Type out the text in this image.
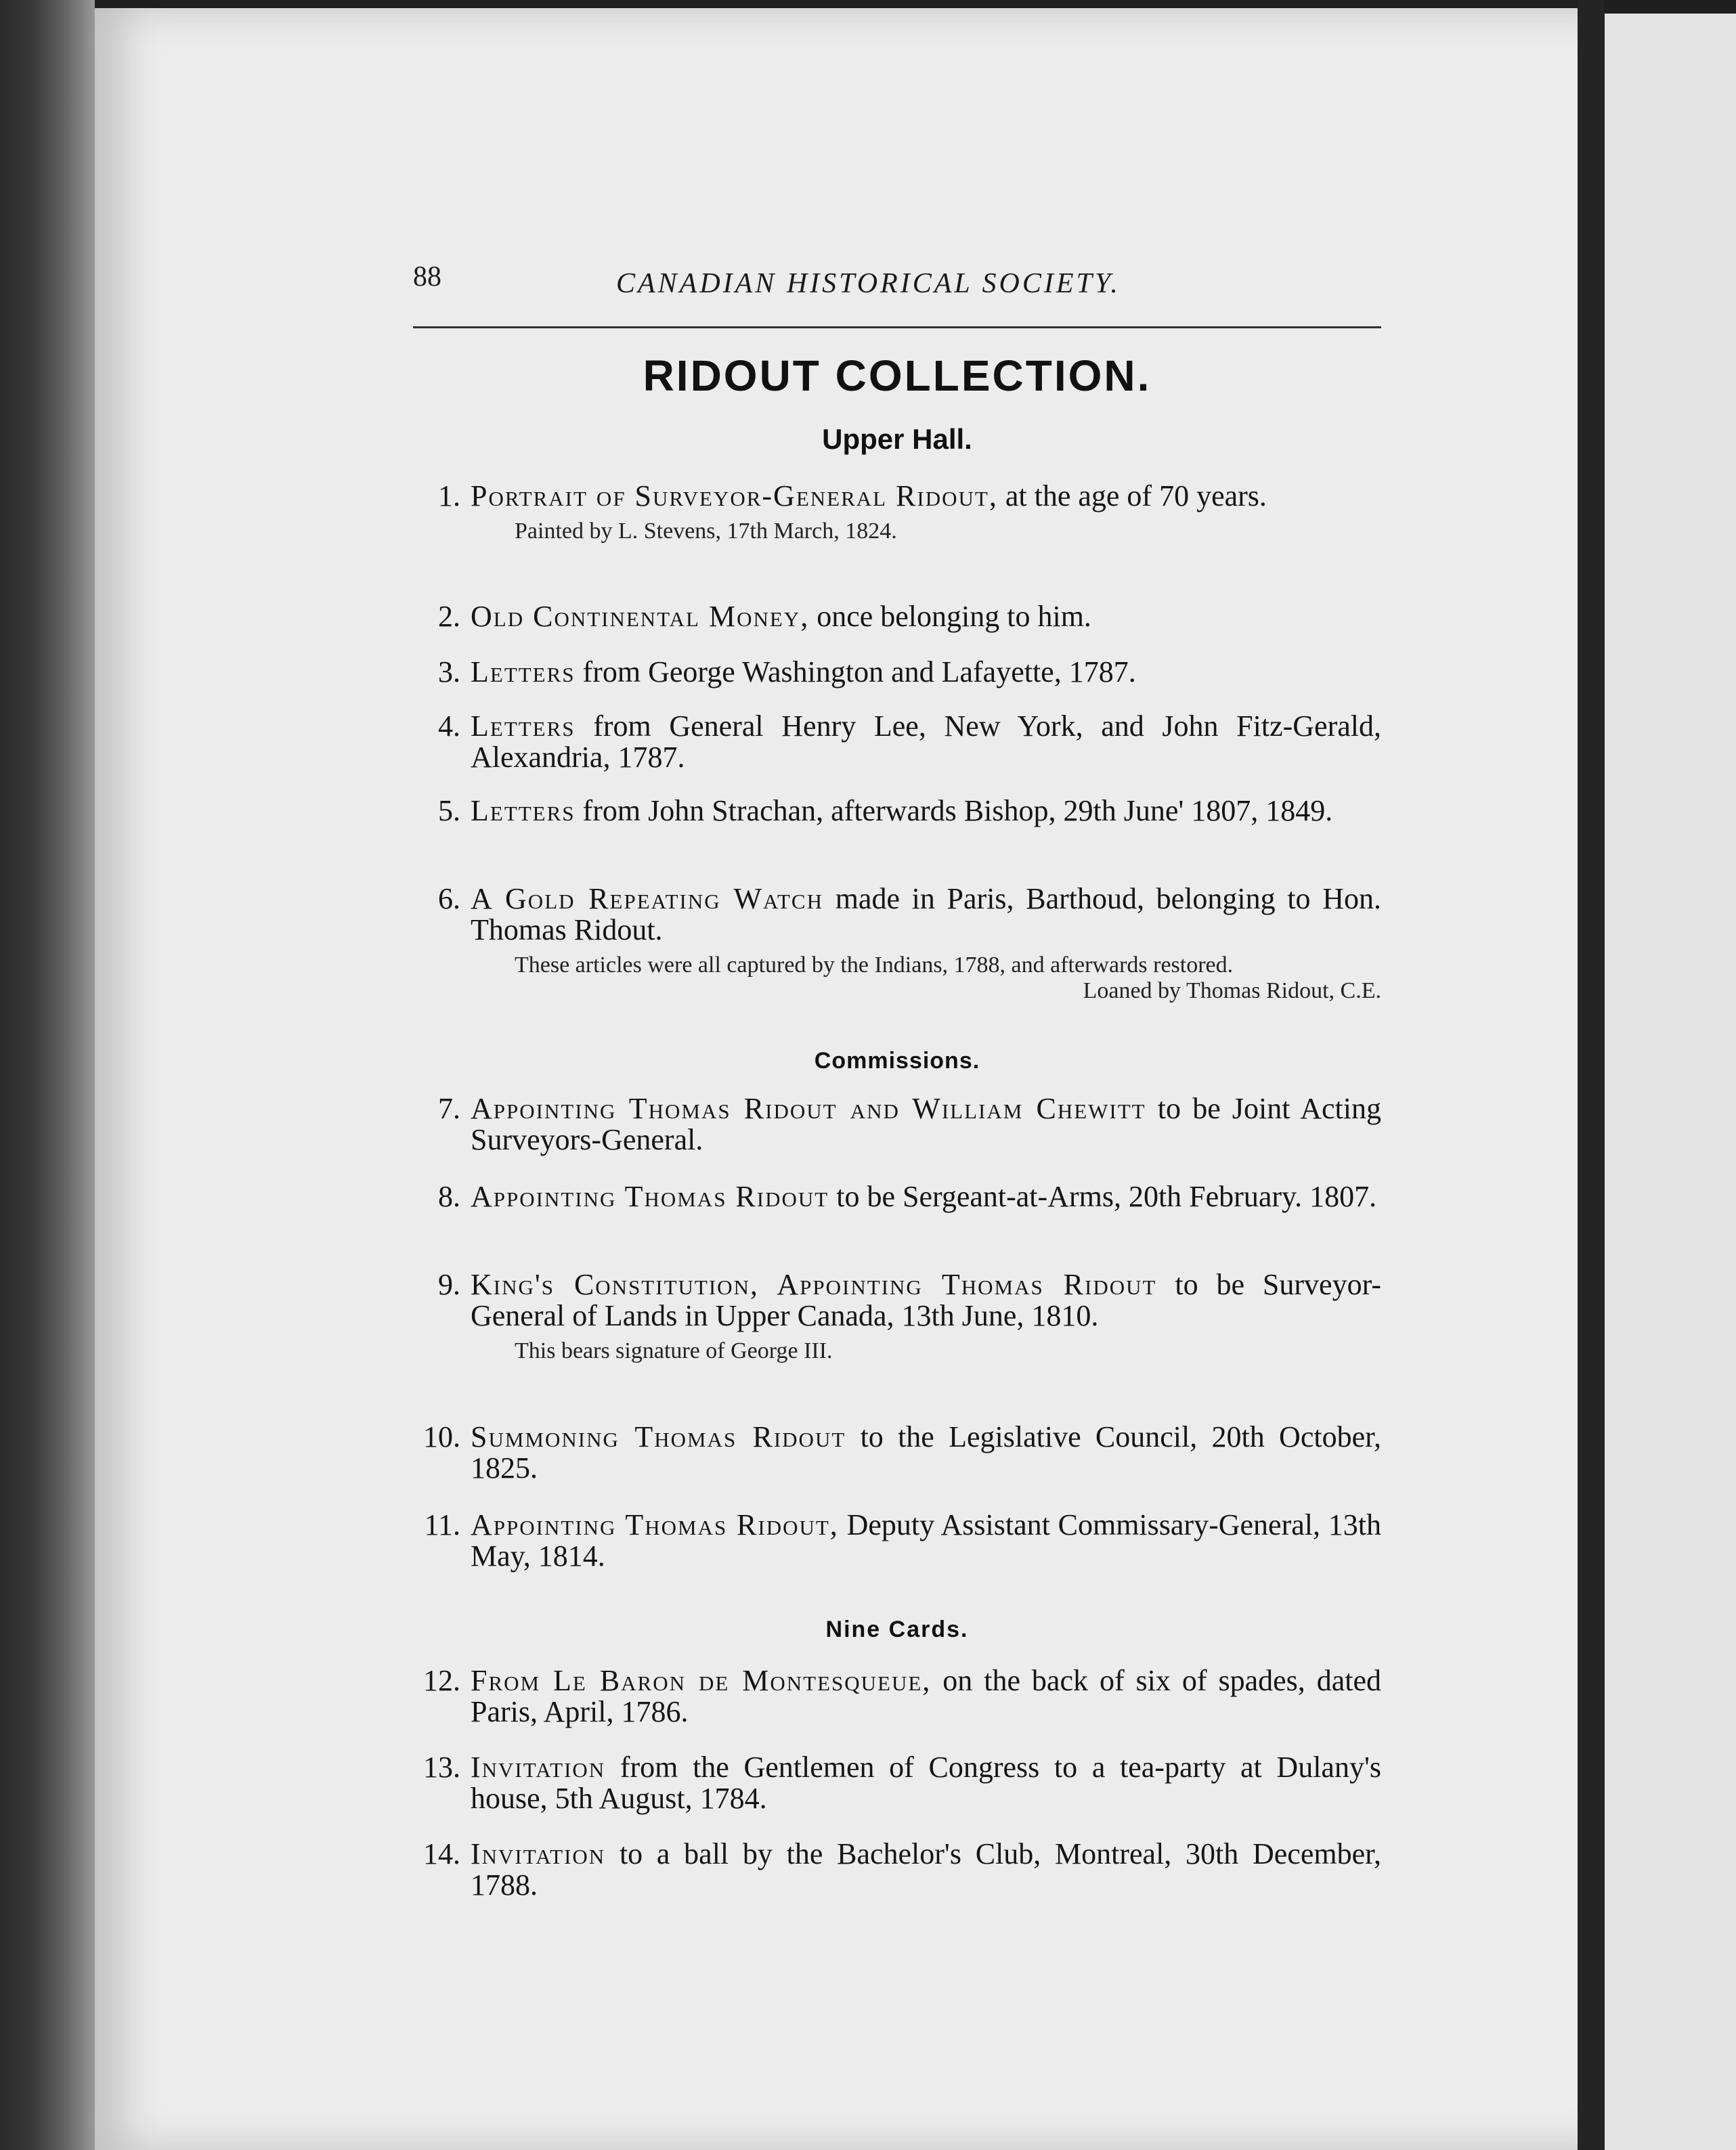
88	CANADIAN HISTORICAL SOCIETY.
RIDOUT COLLECTION.
Upper Hall.
1. Portrait of Surveyor-General Ridout, at the age of 70 years.
Painted by L. Stevens, 17th March, 1824.
2. Old Continental Money, once belonging to him.
3. Letters from George Washington and Lafayette, 1787.
4. Letters from General Henry Lee, New York, and John Fitz-Gerald, Alexandria, 1787.
5. Letters from John Strachan, afterwards Bishop, 29th June' 1807, 1849.
6. A Gold Repeating Watch made in Paris, Barthoud, belonging to Hon. Thomas Ridout.
These articles were all captured by the Indians, 1788, and afterwards restored.
Loaned by Thomas Ridout, C.E.
Commissions.
7. Appointing Thomas Ridout and William Chewitt to be Joint Acting Surveyors-General.
8. Appointing Thomas Ridout to be Sergeant-at-Arms, 20th February. 1807.
9. King's Constitution, Appointing Thomas Ridout to be Surveyor-General of Lands in Upper Canada, 13th June, 1810.
This bears signature of George III.
10. Summoning Thomas Ridout to the Legislative Council, 20th October, 1825.
11. Appointing Thomas Ridout, Deputy Assistant Commissary-General, 13th May, 1814.
Nine Cards.
12. From Le Baron de Montesqueue, on the back of six of spades, dated Paris, April, 1786.
13. Invitation from the Gentlemen of Congress to a tea-party at Dulany's house, 5th August, 1784.
14. Invitation to a ball by the Bachelor's Club, Montreal, 30th December, 1788.
